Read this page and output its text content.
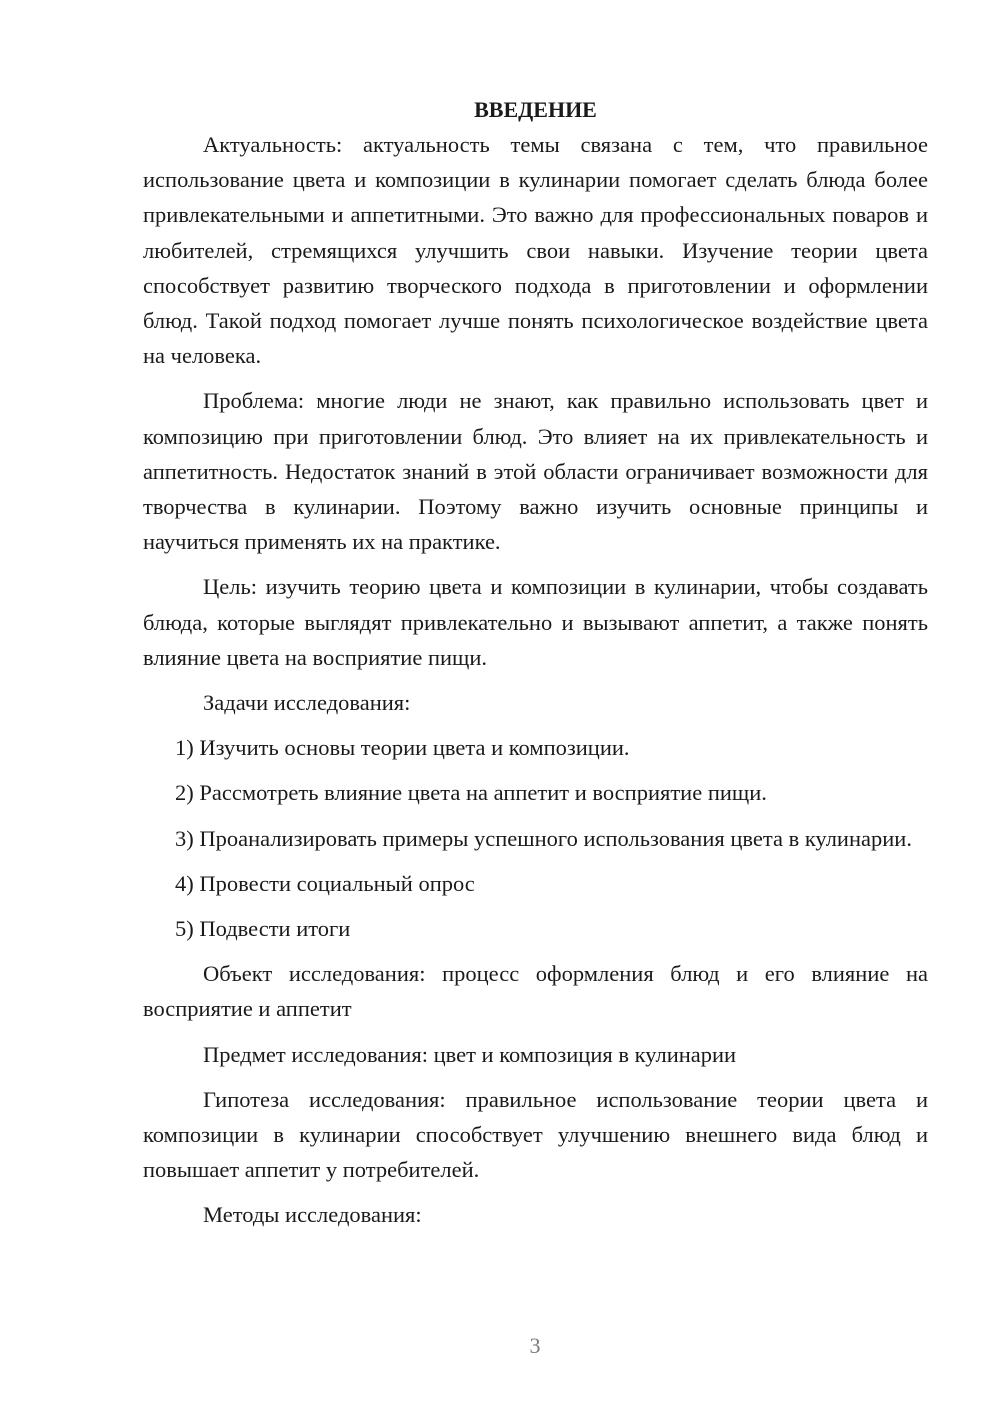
ВВЕДЕНИЕ

Актуальность: актуальность темы связана с тем, что правильное использование цвета и композиции в кулинарии помогает сделать блюда более привлекательными и аппетитными. Это важно для профессиональных поваров и любителей, стремящихся улучшить свои навыки. Изучение теории цвета способствует развитию творческого подхода в приготовлении и оформлении блюд. Такой подход помогает лучше понять психологическое воздействие цвета на человека.

Проблема: многие люди не знают, как правильно использовать цвет и композицию при приготовлении блюд. Это влияет на их привлекательность и аппетитность. Недостаток знаний в этой области ограничивает возможности для творчества в кулинарии. Поэтому важно изучить основные принципы и научиться применять их на практике.

Цель: изучить теорию цвета и композиции в кулинарии, чтобы создавать блюда, которые выглядят привлекательно и вызывают аппетит, а также понять влияние цвета на восприятие пищи.

Задачи исследования:

1) Изучить основы теории цвета и композиции.

2) Рассмотреть влияние цвета на аппетит и восприятие пищи.

3) Проанализировать примеры успешного использования цвета в кулинарии.

4) Провести социальный опрос

5) Подвести итоги

Объект исследования: процесс оформления блюд и его влияние на восприятие и аппетит

Предмет исследования: цвет и композиция в кулинарии

Гипотеза исследования: правильное использование теории цвета и композиции в кулинарии способствует улучшению внешнего вида блюд и повышает аппетит у потребителей.

Методы исследования:

3
